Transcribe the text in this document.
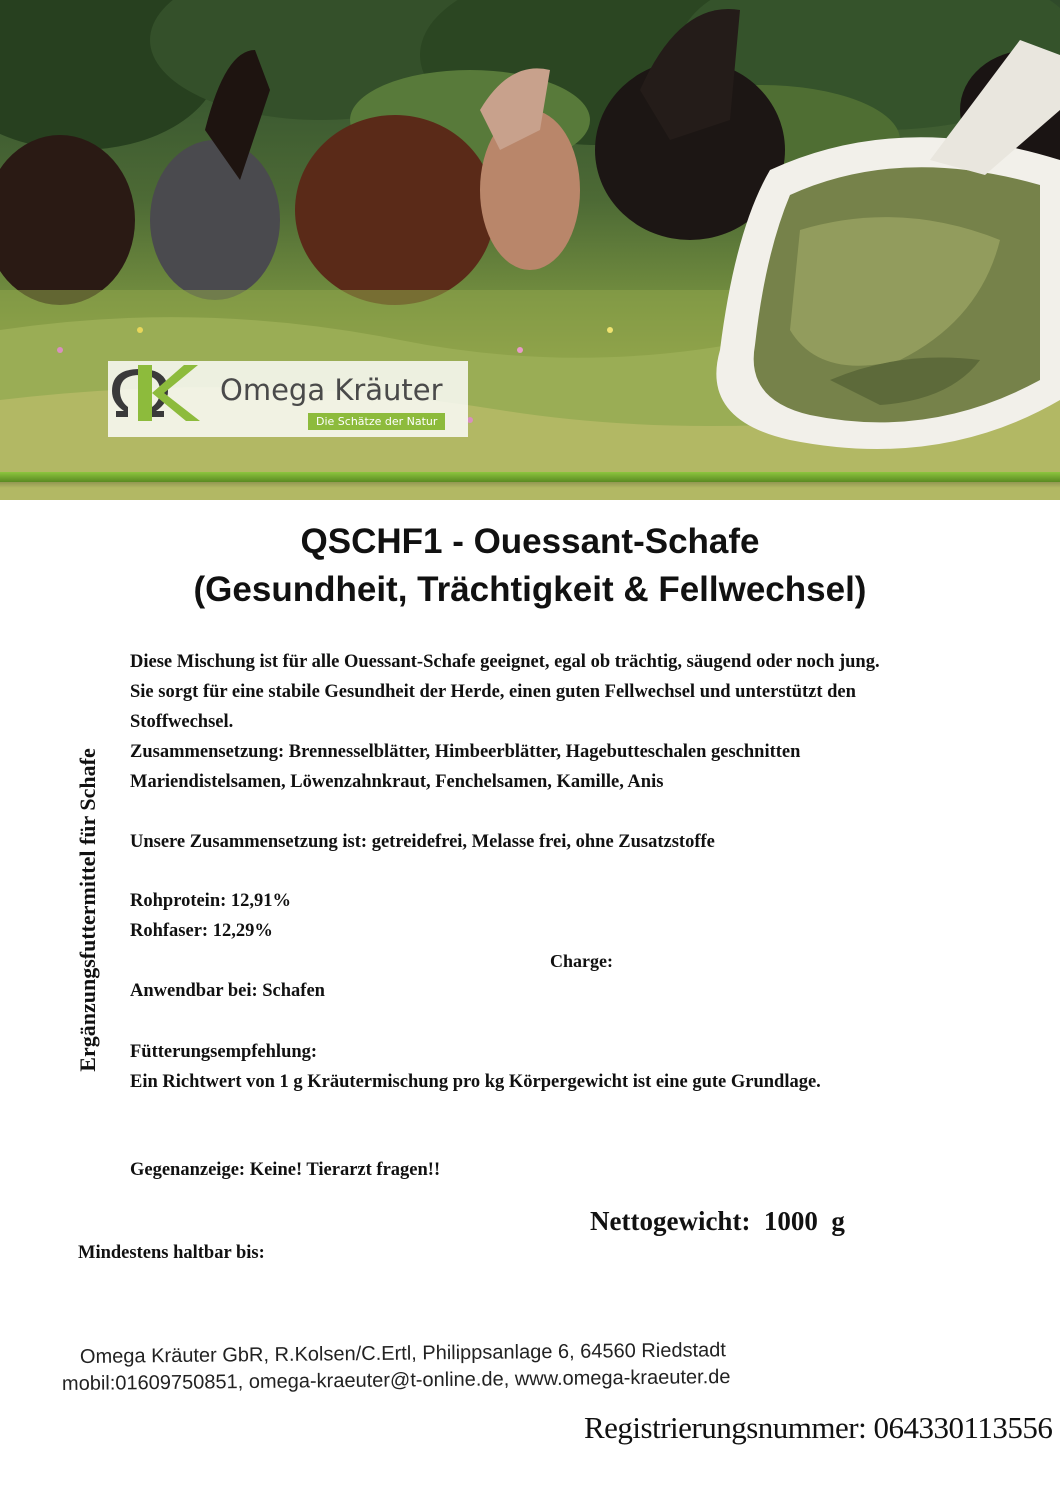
Omega Kräuter
Die Schätze der Natur
QSCHF1 - Ouessant-Schafe
(Gesundheit, Trächtigkeit & Fellwechsel)
Ergänzungsfuttermittel für Schafe
Diese Mischung ist für alle Ouessant-Schafe geeignet, egal ob trächtig, säugend oder noch jung.
Sie sorgt für eine stabile Gesundheit der Herde, einen guten Fellwechsel und unterstützt den
Stoffwechsel.
Zusammensetzung: Brennesselblätter, Himbeerblätter, Hagebutteschalen geschnitten
Mariendistelsamen, Löwenzahnkraut, Fenchelsamen, Kamille, Anis
Unsere Zusammensetzung ist: getreidefrei, Melasse frei, ohne Zusatzstoffe
Rohprotein: 12,91%
Rohfaser: 12,29%
Charge:
Anwendbar bei: Schafen
Fütterungsempfehlung:
Ein Richtwert von 1 g Kräutermischung pro kg Körpergewicht ist eine gute Grundlage.
Gegenanzeige: Keine! Tierarzt fragen!!
Nettogewicht:  1000  g
Mindestens haltbar bis:
Omega Kräuter GbR, R.Kolsen/C.Ertl, Philippsanlage 6, 64560 Riedstadt
mobil:01609750851, omega-kraeuter@t-online.de, www.omega-kraeuter.de
Registrierungsnummer: 064330113556
